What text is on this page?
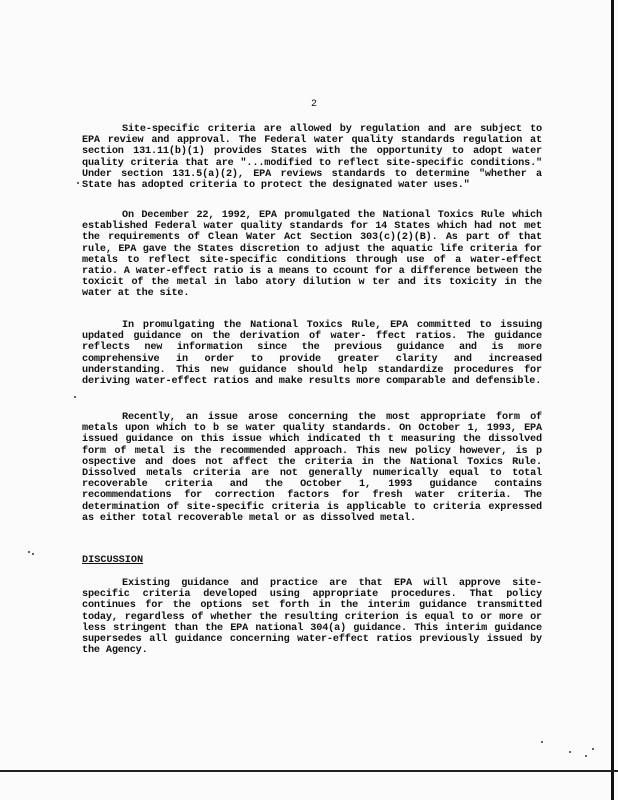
2
Site-specific criteria are allowed by regulation and are subject to EPA review and approval. The Federal water quality standards regulation at section 131.11(b)(1) provides States with the opportunity to adopt water quality criteria that are "...modified to reflect site-specific conditions." Under section 131.5(a)(2), EPA reviews standards to determine "whether a State has adopted criteria to protect the designated water uses."
On December 22, 1992, EPA promulgated the National Toxics Rule which established Federal water quality standards for 14 States which had not met the requirements of Clean Water Act Section 303(c)(2)(B). As part of that rule, EPA gave the States discretion to adjust the aquatic life criteria for metals to reflect site-specific conditions through use of a water-effect ratio. A water-effect ratio is a means to ccount for a difference between the toxicit of the metal in labo atory dilution w ter and its toxicity in the water at the site.
In promulgating the National Toxics Rule, EPA committed to issuing updated guidance on the derivation of water- ffect ratios. The guidance reflects new information since the previous guidance and is more comprehensive in order to provide greater clarity and increased understanding. This new guidance should help standardize procedures for deriving water-effect ratios and make results more comparable and defensible.
Recently, an issue arose concerning the most appropriate form of metals upon which to b se water quality standards. On October 1, 1993, EPA issued guidance on this issue which indicated th t measuring the dissolved form of metal is the recommended approach. This new policy however, is p ospective and does not affect the criteria in the National Toxics Rule. Dissolved metals criteria are not generally numerically equal to total recoverable criteria and the October 1, 1993 guidance contains recommendations for correction factors for fresh water criteria. The determination of site-specific criteria is applicable to criteria expressed as either total recoverable metal or as dissolved metal.
DISCUSSION
Existing guidance and practice are that EPA will approve site- specific criteria developed using appropriate procedures. That policy continues for the options set forth in the interim guidance transmitted today, regardless of whether the resulting criterion is equal to or more or less stringent than the EPA national 304(a) guidance. This interim guidance supersedes all guidance concerning water-effect ratios previously issued by the Agency.
